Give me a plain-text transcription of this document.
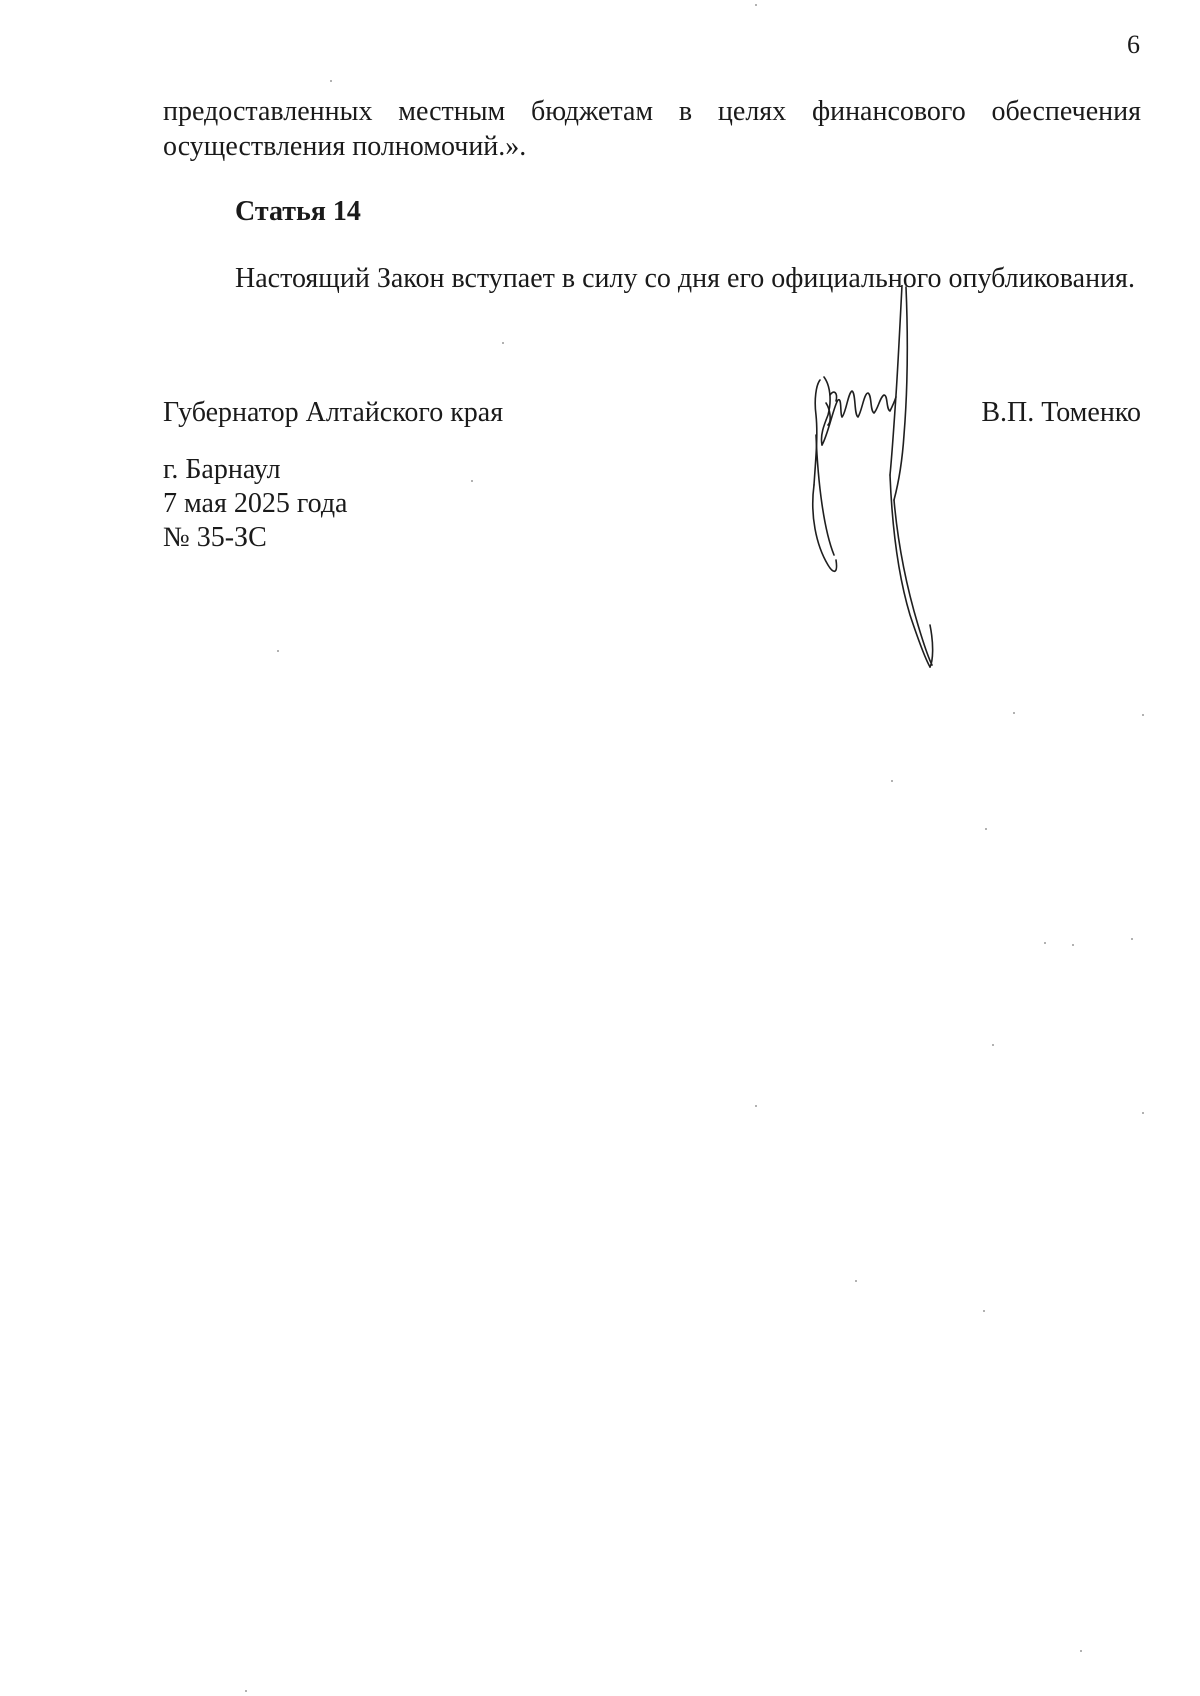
6
предоставленных местным бюджетам в целях финансового обеспечения осуществления полномочий.».
Статья 14
Настоящий Закон вступает в силу со дня его официального опубликования.
Губернатор Алтайского края	В.П. Томенко
г. Барнаул
7 мая 2025 года
№ 35-ЗС
